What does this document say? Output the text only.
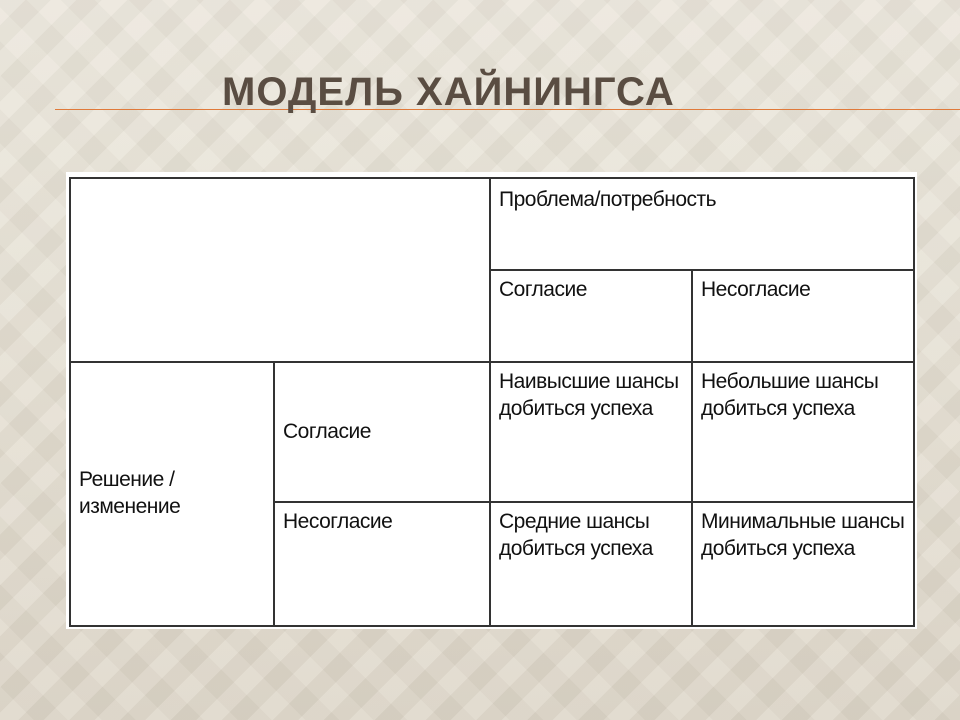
МОДЕЛЬ ХАЙНИНГСА
		Проблема/потребность	
		Согласие	Несогласие
Решение / изменение	Согласие	Наивысшие шансы добиться успеха	Небольшие шансы добиться успеха
	Несогласие	Средние шансы добиться успеха	Минимальные шансы добиться успеха
